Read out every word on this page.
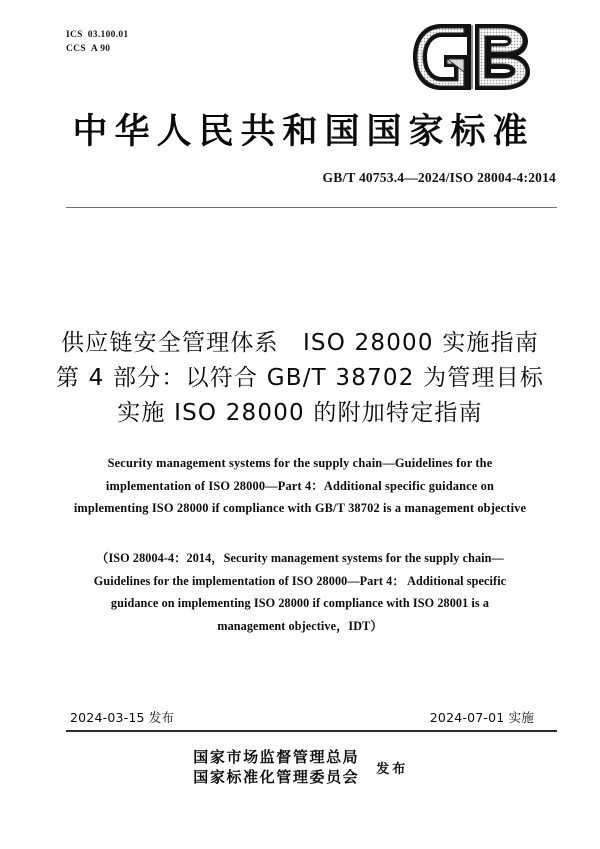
ICS 03.100.01
CCS A 90
中华人民共和国国家标准
GB/T 40753.4—2024/ISO 28004-4:2014
供应链安全管理体系　ISO 28000 实施指南
第 4 部分：以符合 GB/T 38702 为管理目标
实施 ISO 28000 的附加特定指南
Security management systems for the supply chain—Guidelines for the
implementation of ISO 28000—Part 4：Additional specific guidance on
implementing ISO 28000 if compliance with GB/T 38702 is a management objective
（ISO 28004-4：2014，Security management systems for the supply chain—
Guidelines for the implementation of ISO 28000—Part 4： Additional specific
guidance on implementing ISO 28000 if compliance with ISO 28001 is a
management objective，IDT）
2024-03-15 发布	2024-07-01 实施
国家市场监督管理总局
国家标准化管理委员会 发布
